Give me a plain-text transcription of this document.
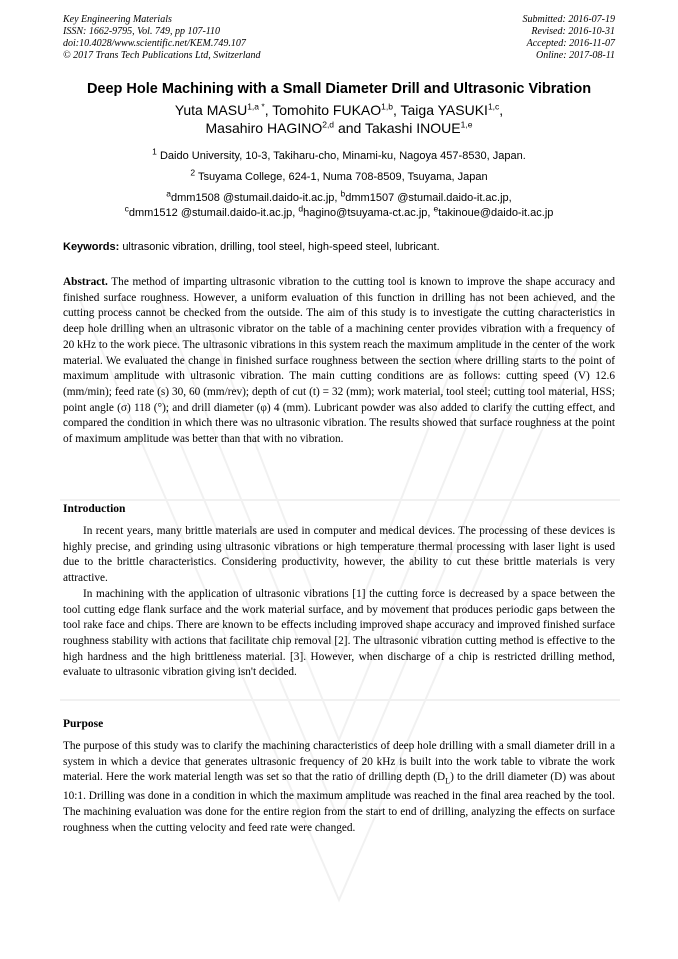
Key Engineering Materials
ISSN: 1662-9795, Vol. 749, pp 107-110
doi:10.4028/www.scientific.net/KEM.749.107
© 2017 Trans Tech Publications Ltd, Switzerland
Submitted: 2016-07-19
Revised: 2016-10-31
Accepted: 2016-11-07
Online: 2017-08-11
Deep Hole Machining with a Small Diameter Drill and Ultrasonic Vibration
Yuta $MASU^{1,a *}$, Tomohito FUKAO$^{1,b}$, Taiga YASUKI$^{1,c}$,
Masahiro HAGINO$^{2,d}$ and Takashi INOUE$^{1,e}$
$^1$ Daido University, 10-3, Takiharu-cho, Minami-ku, Nagoya 457-8530, Japan.
$^2$ Tsuyama College, 624-1, Numa 708-8509, Tsuyama, Japan
$^a$dmm1508 @stumail.daido-it.ac.jp, $^b$dmm1507 @stumail.daido-it.ac.jp,
$^c$dmm1512 @stumail.daido-it.ac.jp, $^d$hagino@tsuyama-ct.ac.jp, $^e$takinoue@daido-it.ac.jp
Keywords: ultrasonic vibration, drilling, tool steel, high-speed steel, lubricant.

Abstract. The method of imparting ultrasonic vibration to the cutting tool is known to improve the shape accuracy and finished surface roughness. However, a uniform evaluation of this function in drilling has not been achieved, and the cutting process cannot be checked from the outside. The aim of this study is to investigate the cutting characteristics in deep hole drilling when an ultrasonic vibrator on the table of a machining center provides vibration with a frequency of 20 kHz to the work piece. The ultrasonic vibrations in this system reach the maximum amplitude in the center of the work material. We evaluated the change in finished surface roughness between the section where drilling starts to the point of maximum amplitude with ultrasonic vibration. The main cutting conditions are as follows: cutting speed (V) 12.6 (mm/min); feed rate (s) 30, 60 (mm/rev); depth of cut (t) = 32 (mm); work material, tool steel; cutting tool material, HSS; point angle (σ) 118 (°); and drill diameter (φ) 4 (mm). Lubricant powder was also added to clarify the cutting effect, and compared the condition in which there was no ultrasonic vibration. The results showed that surface roughness at the point of maximum amplitude was better than that with no vibration.

Introduction

In recent years, many brittle materials are used in computer and medical devices. The processing of these devices is highly precise, and grinding using ultrasonic vibrations or high temperature thermal processing with laser light is used due to the brittle characteristics. Considering productivity, however, the ability to cut these brittle materials is very attractive.

In machining with the application of ultrasonic vibrations [1] the cutting force is decreased by a space between the tool cutting edge flank surface and the work material surface, and by movement that produces periodic gaps between the tool rake face and chips. There are known to be effects including improved shape accuracy and improved finished surface roughness stability with actions that facilitate chip removal [2]. The ultrasonic vibration cutting method is effective to the high hardness and the high brittleness material. [3]. However, when discharge of a chip is restricted drilling method, evaluate to ultrasonic vibration giving isn't decided.

Purpose

The purpose of this study was to clarify the machining characteristics of deep hole drilling with a small diameter drill in a system in which a device that generates ultrasonic frequency of 20 kHz is built into the work table to vibrate the work material. Here the work material length was set so that the ratio of drilling depth $(D_L)$ to the drill diameter (D) was about 10:1. Drilling was done in a condition in which the maximum amplitude was reached in the final area reached by the tool. The machining evaluation was done for the entire region from the start to end of drilling, analyzing the effects on surface roughness when the cutting velocity and feed rate were changed.
